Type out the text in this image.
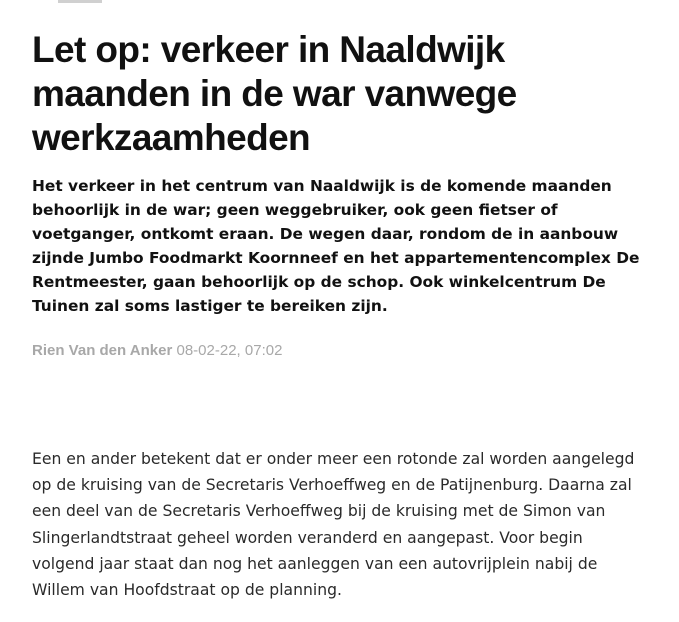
Let op: verkeer in Naaldwijk maanden in de war vanwege werkzaamheden

Het verkeer in het centrum van Naaldwijk is de komende maanden behoorlijk in de war; geen weggebruiker, ook geen fietser of voetganger, ontkomt eraan. De wegen daar, rondom de in aanbouw zijnde Jumbo Foodmarkt Koornneef en het appartementencomplex De Rentmeester, gaan behoorlijk op de schop. Ook winkelcentrum De Tuinen zal soms lastiger te bereiken zijn.

Rien Van den Anker 08-02-22, 07:02

Een en ander betekent dat er onder meer een rotonde zal worden aangelegd op de kruising van de Secretaris Verhoeffweg en de Patijnenburg. Daarna zal een deel van de Secretaris Verhoeffweg bij de kruising met de Simon van Slingerlandtstraat geheel worden veranderd en aangepast. Voor begin volgend jaar staat dan nog het aanleggen van een autovrijplein nabij de Willem van Hoofdstraat op de planning.
